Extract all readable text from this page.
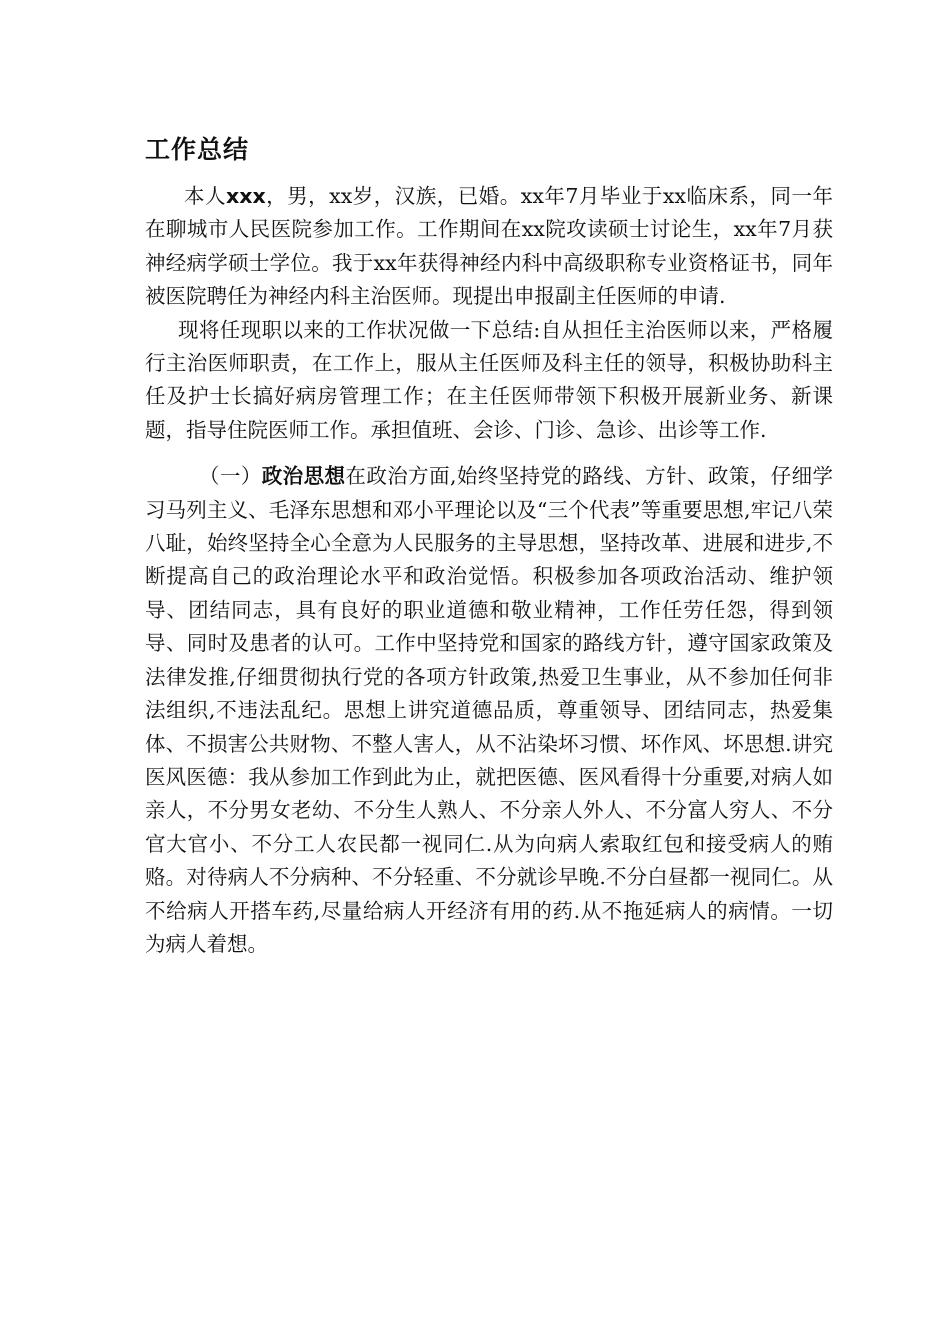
工作总结

本人xxx，男，xx岁，汉族，已婚。xx年7月毕业于xx临床系，同一年在聊城市人民医院参加工作。工作期间在xx院攻读硕士讨论生，xx年7月获神经病学硕士学位。我于xx年获得神经内科中高级职称专业资格证书，同年被医院聘任为神经内科主治医师。现提出申报副主任医师的申请.

现将任现职以来的工作状况做一下总结:自从担任主治医师以来，严格履行主治医师职责，在工作上，服从主任医师及科主任的领导，积极协助科主任及护士长搞好病房管理工作；在主任医师带领下积极开展新业务、新课题，指导住院医师工作。承担值班、会诊、门诊、急诊、出诊等工作.

（一）政治思想在政治方面,始终坚持党的路线、方针、政策，仔细学习马列主义、毛泽东思想和邓小平理论以及“三个代表”等重要思想,牢记八荣八耻，始终坚持全心全意为人民服务的主导思想，坚持改革、进展和进步,不断提高自己的政治理论水平和政治觉悟。积极参加各项政治活动、维护领导、团结同志，具有良好的职业道德和敬业精神，工作任劳任怨，得到领导、同时及患者的认可。工作中坚持党和国家的路线方针，遵守国家政策及法律发推,仔细贯彻执行党的各项方针政策,热爱卫生事业，从不参加任何非法组织,不违法乱纪。思想上讲究道德品质，尊重领导、团结同志，热爱集体、不损害公共财物、不整人害人，从不沾染坏习惯、坏作风、坏思想.讲究医风医德：我从参加工作到此为止，就把医德、医风看得十分重要,对病人如亲人，不分男女老幼、不分生人熟人、不分亲人外人、不分富人穷人、不分官大官小、不分工人农民都一视同仁.从为向病人索取红包和接受病人的贿赂。对待病人不分病种、不分轻重、不分就诊早晚.不分白昼都一视同仁。从不给病人开搭车药,尽量给病人开经济有用的药.从不拖延病人的病情。一切为病人着想。
